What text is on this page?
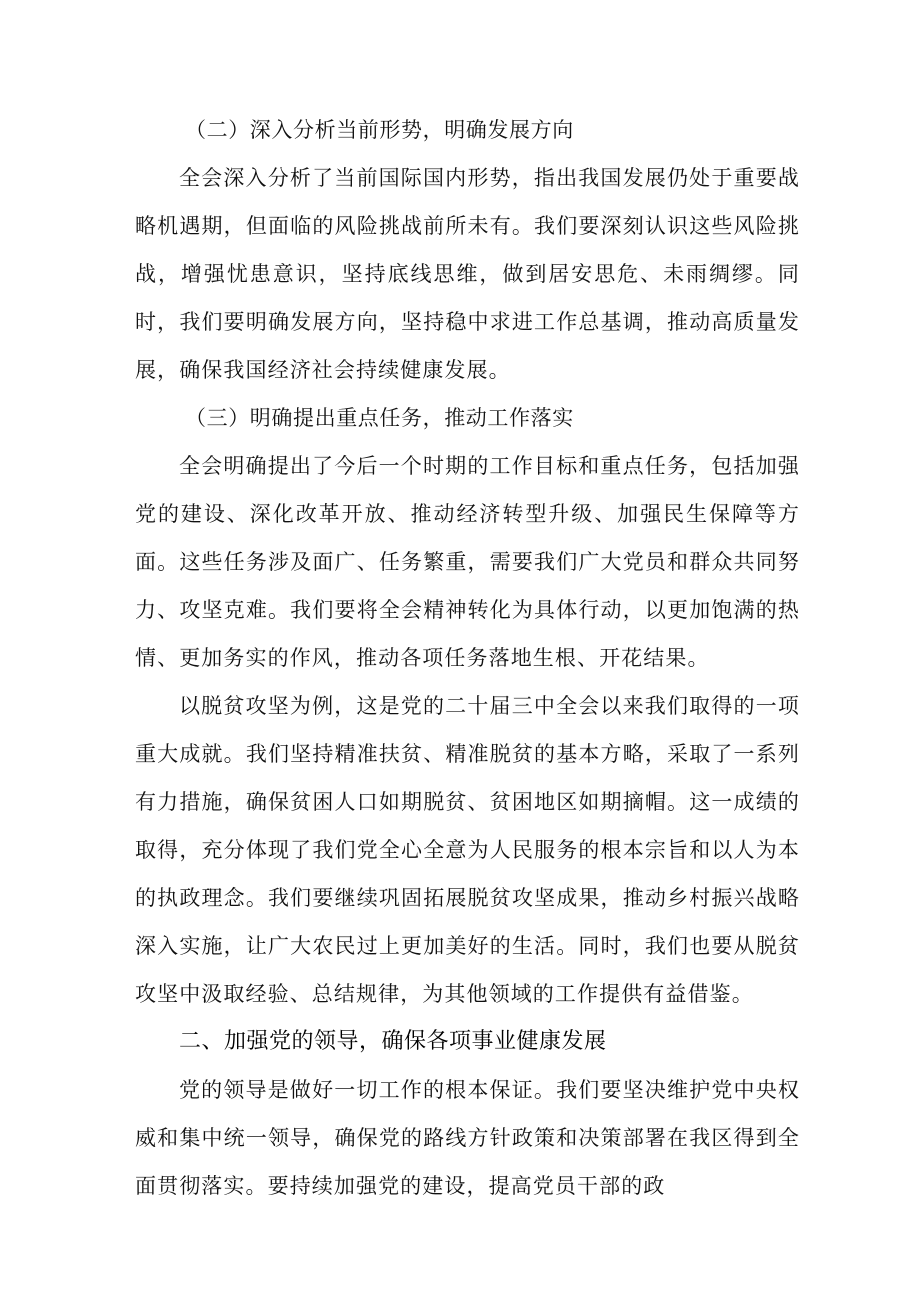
（二）深入分析当前形势，明确发展方向

全会深入分析了当前国际国内形势，指出我国发展仍处于重要战略机遇期，但面临的风险挑战前所未有。我们要深刻认识这些风险挑战，增强忧患意识，坚持底线思维，做到居安思危、未雨绸缪。同时，我们要明确发展方向，坚持稳中求进工作总基调，推动高质量发展，确保我国经济社会持续健康发展。

（三）明确提出重点任务，推动工作落实

全会明确提出了今后一个时期的工作目标和重点任务，包括加强党的建设、深化改革开放、推动经济转型升级、加强民生保障等方面。这些任务涉及面广、任务繁重，需要我们广大党员和群众共同努力、攻坚克难。我们要将全会精神转化为具体行动，以更加饱满的热情、更加务实的作风，推动各项任务落地生根、开花结果。

以脱贫攻坚为例，这是党的二十届三中全会以来我们取得的一项重大成就。我们坚持精准扶贫、精准脱贫的基本方略，采取了一系列有力措施，确保贫困人口如期脱贫、贫困地区如期摘帽。这一成绩的取得，充分体现了我们党全心全意为人民服务的根本宗旨和以人为本的执政理念。我们要继续巩固拓展脱贫攻坚成果，推动乡村振兴战略深入实施，让广大农民过上更加美好的生活。同时，我们也要从脱贫攻坚中汲取经验、总结规律，为其他领域的工作提供有益借鉴。

二、加强党的领导，确保各项事业健康发展

党的领导是做好一切工作的根本保证。我们要坚决维护党中央权威和集中统一领导，确保党的路线方针政策和决策部署在我区得到全面贯彻落实。要持续加强党的建设，提高党员干部的政
